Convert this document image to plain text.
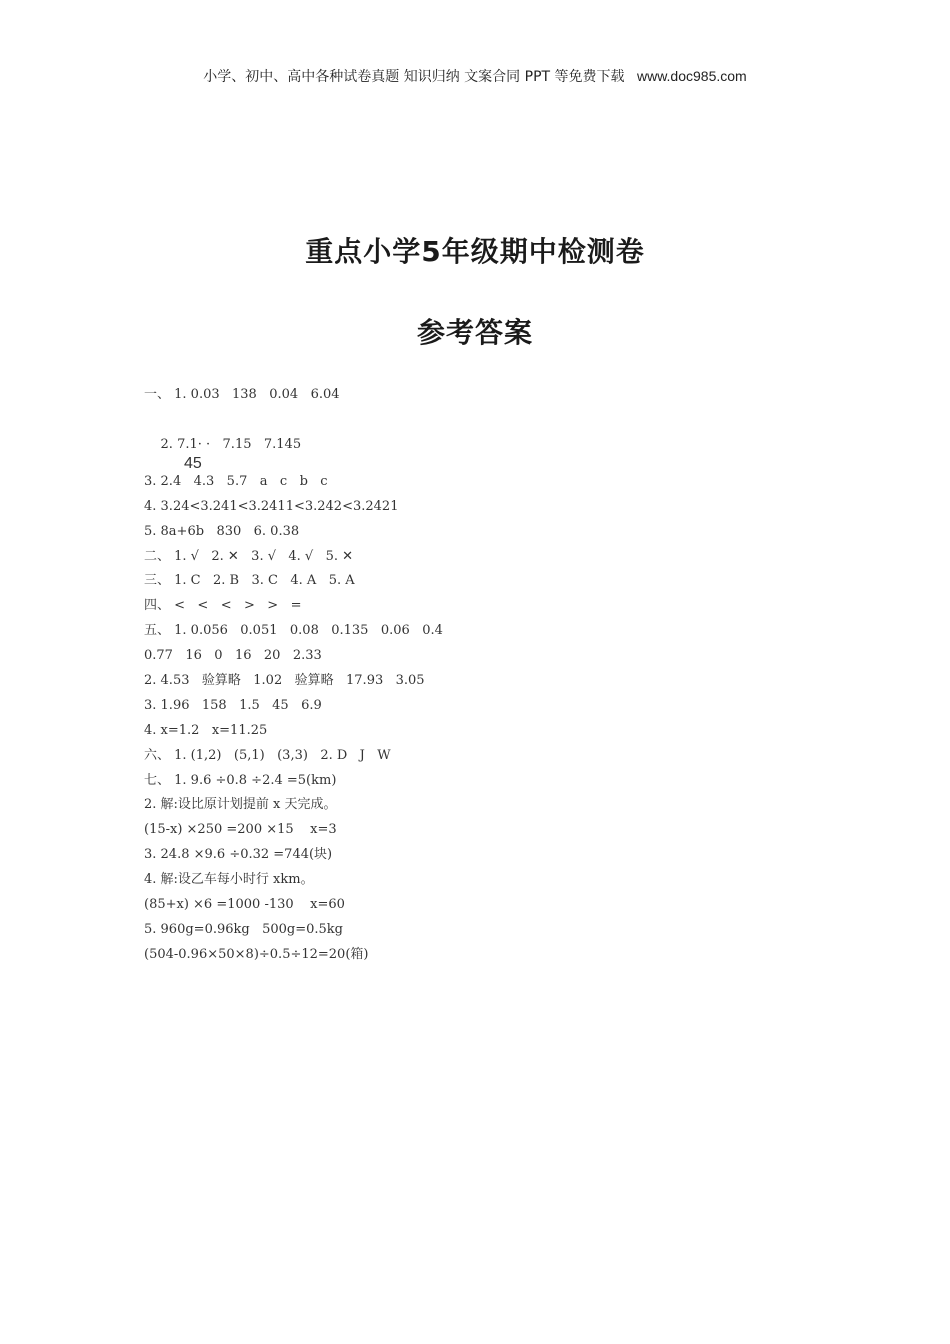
小学、初中、高中各种试卷真题 知识归纳 文案合同 PPT 等免费下载 www.doc985.com
重点小学5年级期中检测卷
参考答案
一、 1. 0.03   138   0.04   6.04

2. 7.1· ·   7.15   7.145

45

3. 2.4   4.3   5.7   a   c   b   c
4. 3.24<3.241<3.2411<3.242<3.2421
5. 8a+6b   830   6. 0.38
二、 1. √   2. ✕   3. √   4. √   5. ✕
三、 1. C   2. B   3. C   4. A   5. A
四、 <   <   <   >   >   =
五、 1. 0.056   0.051   0.08   0.135   0.06   0.4
0.77   16   0   16   20   2.33
2. 4.53   验算略   1.02   验算略   17.93   3.05
3. 1.96   158   1.5   45   6.9
4. x=1.2   x=11.25
六、 1. (1,2)   (5,1)   (3,3)   2. D   J   W
七、 1. 9.6 ÷0.8 ÷2.4 =5(km)
2. 解:设比原计划提前 x 天完成。
(15-x) ×250 =200 ×15    x=3
3. 24.8 ×9.6 ÷0.32 =744(块)
4. 解:设乙车每小时行 xkm。
(85+x) ×6 =1000 -130    x=60
5. 960g=0.96kg   500g=0.5kg
(504-0.96×50×8)÷0.5÷12=20(箱)
